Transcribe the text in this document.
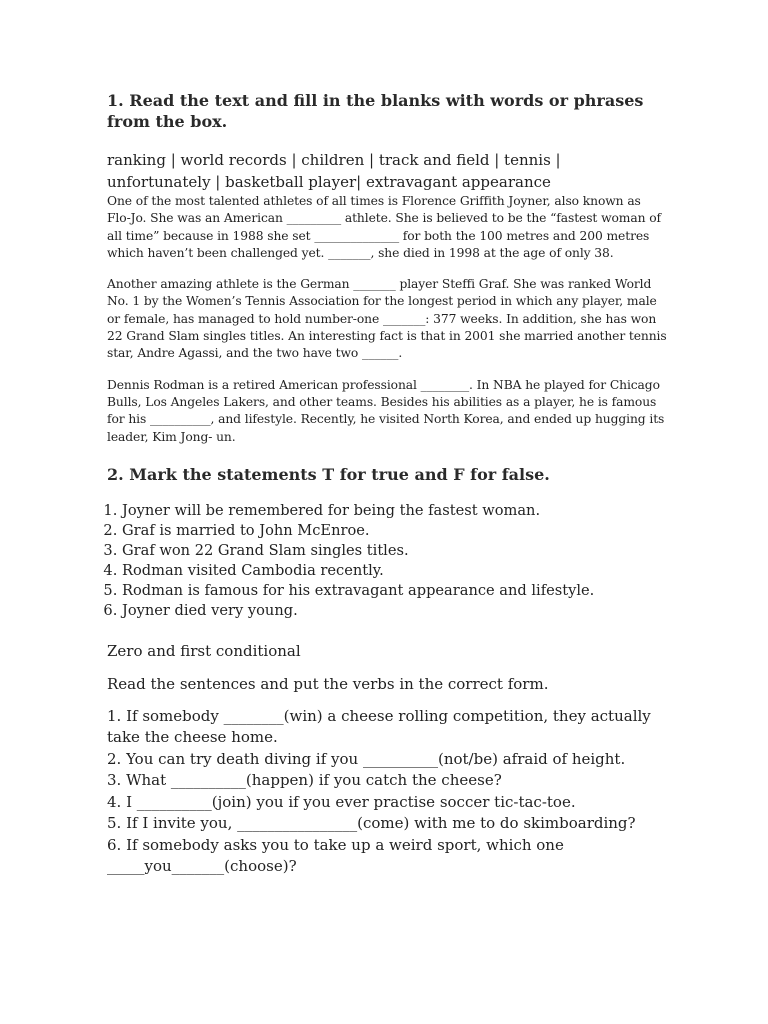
1. Read the text and fill in the blanks with words or phrases from the box.

ranking | world records | children | track and field | tennis |
unfortunately | basketball player| extravagant appearance

One of the most talented athletes of all times is Florence Griffith Joyner, also known as Flo-Jo. She was an American _________ athlete. She is believed to be the “fastest woman of all time” because in 1988 she set ______________ for both the 100 metres and 200 metres which haven’t been challenged yet. _______, she died in 1998 at the age of only 38.

Another amazing athlete is the German _______ player Steffi Graf. She was ranked World No. 1 by the Women’s Tennis Association for the longest period in which any player, male or female, has managed to hold number-one _______: 377 weeks. In addition, she has won 22 Grand Slam singles titles. An interesting fact is that in 2001 she married another tennis star, Andre Agassi, and the two have two ______.

Dennis Rodman is a retired American professional ________. In NBA he played for Chicago Bulls, Los Angeles Lakers, and other teams. Besides his abilities as a player, he is famous for his __________, and lifestyle. Recently, he visited North Korea, and ended up hugging its leader, Kim Jong- un.

2. Mark the statements T for true and F for false.

1. Joyner will be remembered for being the fastest woman.
2. Graf is married to John McEnroe.
3. Graf won 22 Grand Slam singles titles.
4. Rodman visited Cambodia recently.
5. Rodman is famous for his extravagant appearance and lifestyle.
6. Joyner died very young.

Zero and first conditional

Read the sentences and put the verbs in the correct form.

1. If somebody ________(win) a cheese rolling competition, they actually take the cheese home.
2. You can try death diving if you __________(not/be) afraid of height.
3. What __________(happen) if you catch the cheese?
4. I __________(join) you if you ever practise soccer tic-tac-toe.
5. If I invite you, ________________(come) with me to do skimboarding?
6. If somebody asks you to take up a weird sport, which one _____you_______(choose)?
